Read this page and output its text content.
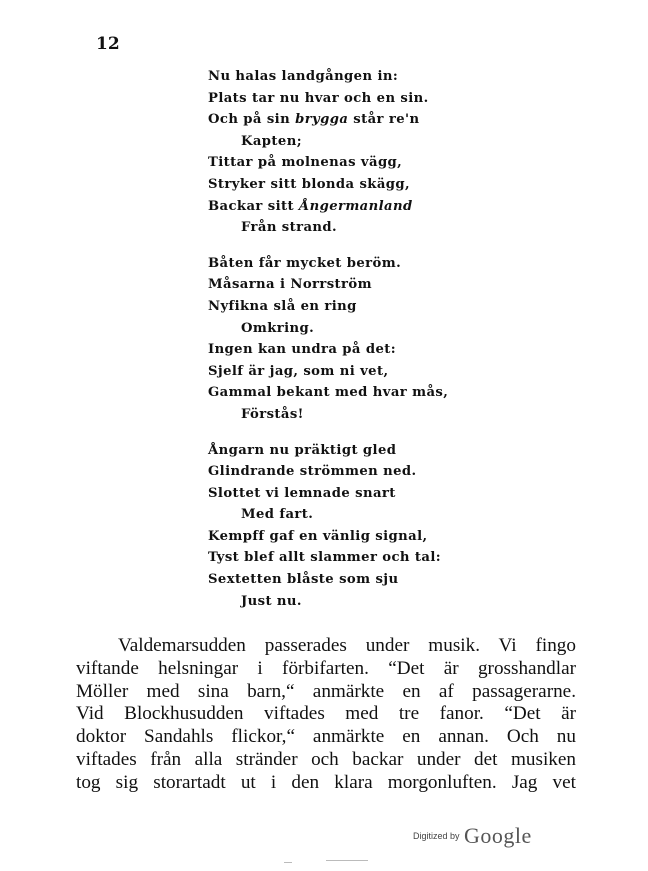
12
Nu halas landgången in:
Plats tar nu hvar och en sin.
Och på sin brygga står re'n
Kapten;
Tittar på molnenas vägg,
Stryker sitt blonda skägg,
Backar sitt Ångermanland
Från strand.
Båten får mycket beröm.
Måsarna i Norrström
Nyfikna slå en ring
Omkring.
Ingen kan undra på det:
Sjelf är jag, som ni vet,
Gammal bekant med hvar mås,
Förstås!
Ångarn nu präktigt gled
Glindrande strömmen ned.
Slottet vi lemnade snart
Med fart.
Kempff gaf en vänlig signal,
Tyst blef allt slammer och tal:
Sextetten blåste som sju
Just nu.
Valdemarsudden passerades under musik. Vi fingo
viftande helsningar i förbifarten. “Det är grosshandlar
Möller med sina barn,“ anmärkte en af passagerarne.
Vid Blockhusudden viftades med tre fanor. “Det är
doktor Sandahls flickor,“ anmärkte en annan. Och nu
viftades från alla stränder och backar under det musiken
tog sig storartadt ut i den klara morgonluften. Jag vet
$^{Digitized by}$ Google
